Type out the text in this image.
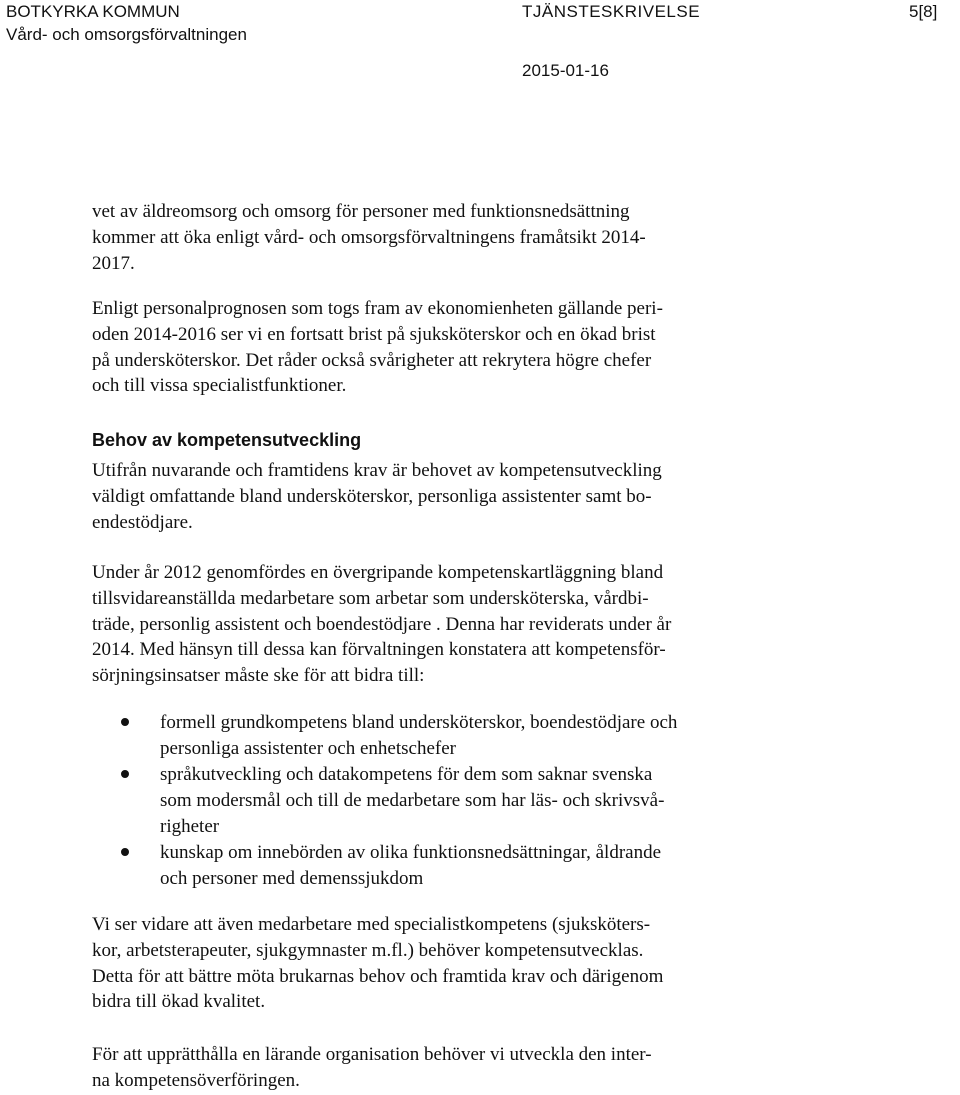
BOTKYRKA KOMMUN
Vård- och omsorgsförvaltningen
TJÄNSTESKRIVELSE	5[8]
2015-01-16
vet av äldreomsorg och omsorg för personer med funktionsnedsättning
kommer att öka enligt vård- och omsorgsförvaltningens framåtsikt 2014-
2017.
Enligt personalprognosen som togs fram av ekonomienheten gällande peri-
oden 2014-2016 ser vi en fortsatt brist på sjuksköterskor och en ökad brist
på undersköterskor. Det råder också svårigheter att rekrytera högre chefer
och till vissa specialistfunktioner.
Behov av kompetensutveckling
Utifrån nuvarande och framtidens krav är behovet av kompetensutveckling
väldigt omfattande bland undersköterskor, personliga assistenter samt bo-
endestödjare.
Under år 2012 genomfördes en övergripande kompetenskartläggning bland
tillsvidareanställda medarbetare som arbetar som undersköterska, vårdbi-
träde, personlig assistent och boendestödjare . Denna har reviderats under år
2014. Med hänsyn till dessa kan förvaltningen konstatera att kompetensför-
sörjningsinsatser måste ske för att bidra till:
formell grundkompetens bland undersköterskor, boendestödjare och
personliga assistenter och enhetschefer
språkutveckling och datakompetens för dem som saknar svenska
som modersmål och till de medarbetare som har läs- och skrivsvå-
righeter
kunskap om innebörden av olika funktionsnedsättningar, åldrande
och personer med demenssjukdom
Vi ser vidare att även medarbetare med specialistkompetens (sjuksköters-
kor, arbetsterapeuter, sjukgymnaster m.fl.) behöver kompetensutvecklas.
Detta för att bättre möta brukarnas behov och framtida krav och därigenom
bidra till ökad kvalitet.
För att upprätthålla en lärande organisation behöver vi utveckla den inter-
na kompetensöverföringen.
